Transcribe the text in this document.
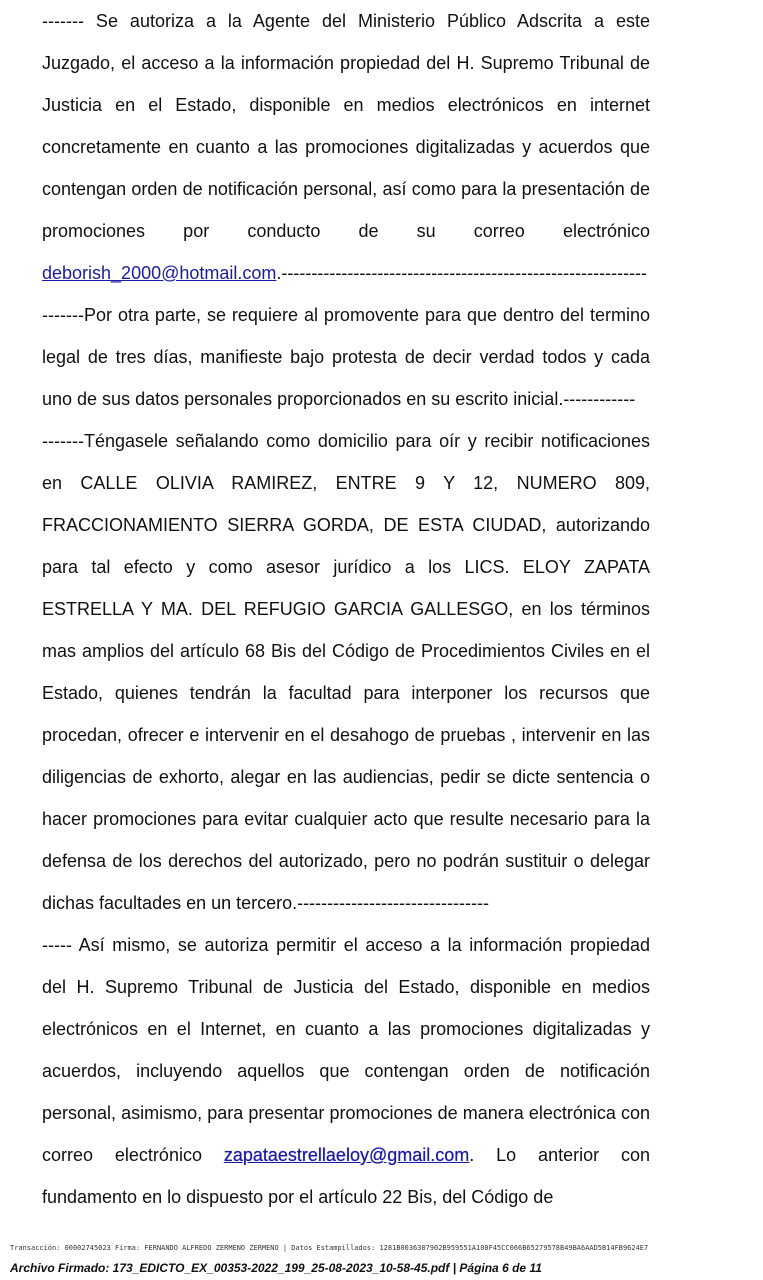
------- Se autoriza a la Agente del Ministerio Público Adscrita a este Juzgado, el acceso a la información propiedad del H. Supremo Tribunal de Justicia en el Estado, disponible en medios electrónicos en internet concretamente en cuanto a las promociones digitalizadas y acuerdos que contengan orden de notificación personal, así como para la presentación de promociones por conducto de su correo electrónico deborish_2000@hotmail.com.-------------------------------------------------------------

-------Por otra parte, se requiere al promovente para que dentro del termino legal de tres días, manifieste bajo protesta de decir verdad todos y cada uno de sus datos personales proporcionados en su escrito inicial.------------

-------Téngasele señalando como domicilio para oír y recibir notificaciones en CALLE OLIVIA RAMIREZ, ENTRE 9 Y 12, NUMERO 809, FRACCIONAMIENTO SIERRA GORDA, DE ESTA CIUDAD, autorizando para tal efecto y como asesor jurídico a los LICS. ELOY ZAPATA ESTRELLA Y MA. DEL REFUGIO GARCIA GALLESGO, en los términos mas amplios del artículo 68 Bis del Código de Procedimientos Civiles en el Estado, quienes tendrán la facultad para interponer los recursos que procedan, ofrecer e intervenir en el desahogo de pruebas , intervenir en las diligencias de exhorto, alegar en las audiencias, pedir se dicte sentencia o hacer promociones para evitar cualquier acto que resulte necesario para la defensa de los derechos del autorizado, pero no podrán sustituir o delegar dichas facultades en un tercero.--------------------------------

----- Así mismo, se autoriza permitir el acceso a la información propiedad del H. Supremo Tribunal de Justicia del Estado, disponible en medios electrónicos en el Internet, en cuanto a las promociones digitalizadas y acuerdos, incluyendo aquellos que contengan orden de notificación personal, asimismo, para presentar promociones de manera electrónica con correo electrónico zapataestrellaeloy@gmail.com. Lo anterior con fundamento en lo dispuesto por el artículo 22 Bis, del Código de

Transacción: 00002745023 Firma: FERNANDO ALFREDO ZERMEÑO ZERMEÑO | Datos Estampillados: 1281B0036307902B959551A108F45CC066B65279578B49BA6AAD5B14FB9624E7
Archivo Firmado: 173_EDICTO_EX_00353-2022_199_25-08-2023_10-58-45.pdf | Página 6 de 11
